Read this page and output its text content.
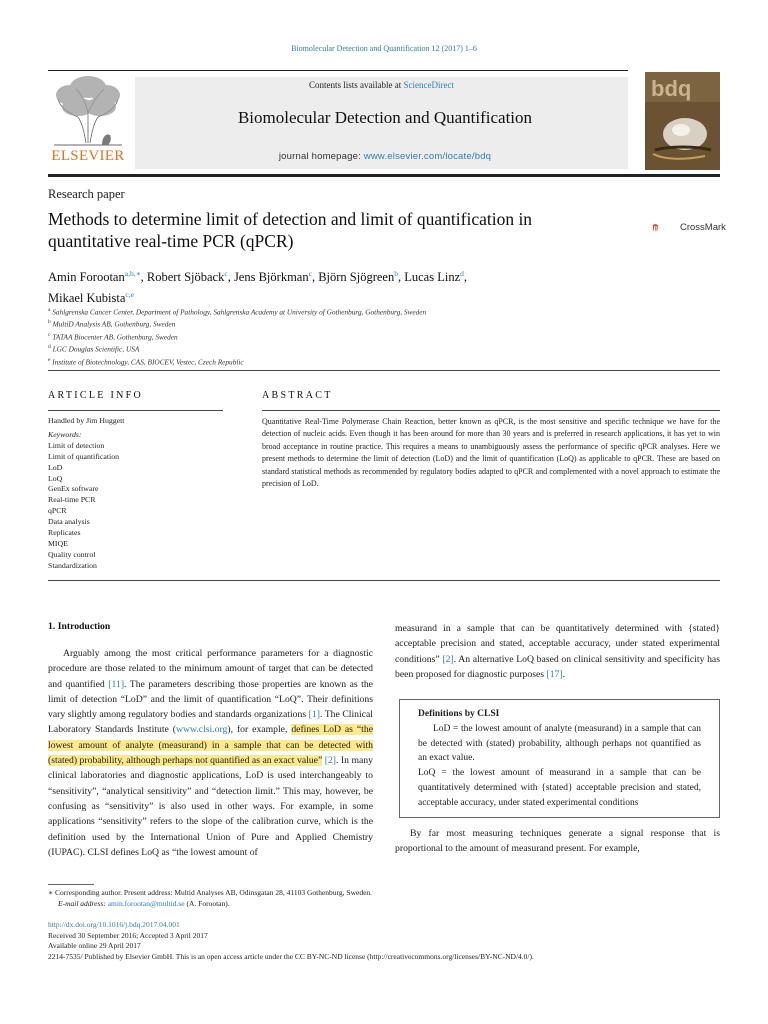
Biomolecular Detection and Quantification 12 (2017) 1–6
ELSEVIER
Contents lists available at ScienceDirect
Biomolecular Detection and Quantification
journal homepage: www.elsevier.com/locate/bdq
bdq
Research paper
Methods to determine limit of detection and limit of quantification in quantitative real-time PCR (qPCR)
CrossMark
Amin Forootan$^{a,b,∗}$, Robert Sjöback$^c$, Jens Björkman$^c$, Björn Sjögreen$^b$, Lucas Linz$^d$,
Mikael Kubista$^{c,e}$
$^a$ Sahlgrenska Cancer Center, Department of Pathology, Sahlgrenska Academy at University of Gothenburg, Gothenburg, Sweden
$^b$ MultiD Analysis AB, Gothenburg, Sweden
$^c$ TATAA Biocenter AB, Gothenburg, Sweden
$^d$ LGC Douglas Scientific, USA
$^e$ Institute of Biotechnology, CAS, BIOCEV, Vestec, Czech Republic
ARTICLE INFO	ABSTRACT
Handled by Jim Huggett
Keywords:
Limit of detection
Limit of quantification
LoD
LoQ
GenEx software
Real-time PCR
qPCR
Data analysis
Replicates
MIQE
Quality control
Standardization
Quantitative Real-Time Polymerase Chain Reaction, better known as qPCR, is the most sensitive and specific technique we have for the detection of nucleic acids. Even though it has been around for more than 30 years and is preferred in research applications, it has yet to win broad acceptance in routine practice. This requires a means to unambiguously assess the performance of specific qPCR analyses. Here we present methods to determine the limit of detection (LoD) and the limit of quantification (LoQ) as applicable to qPCR. These are based on standard statistical methods as recommended by regulatory bodies adapted to qPCR and complemented with a novel approach to estimate the precision of LoD.
1. Introduction

Arguably among the most critical performance parameters for a diagnostic procedure are those related to the minimum amount of target that can be detected and quantified [11]. The parameters describing those properties are known as the limit of detection “LoD” and the limit of quantification “LoQ”. Their definitions vary slightly among regulatory bodies and standards organizations [1]. The Clinical Laboratory Standards Institute (www.clsi.org), for example, defines LoD as “the lowest amount of analyte (measurand) in a sample that can be detected with (stated) probability, although perhaps not quantified as an exact value” [2]. In many clinical laboratories and diagnostic applications, LoD is used interchangeably to “sensitivity”, “analytical sensitivity” and “detection limit.” This may, however, be confusing as “sensitivity” is also used in other ways. For example, in some applications “sensitivity” refers to the slope of the calibration curve, which is the definition used by the International Union of Pure and Applied Chemistry (IUPAC). CLSI defines LoQ as “the lowest amount of

measurand in a sample that can be quantitatively determined with {stated} acceptable precision and stated, acceptable accuracy, under stated experimental conditions” [2]. An alternative LoQ based on clinical sensitivity and specificity has been proposed for diagnostic purposes [17].

Definitions by CLSI
LoD = the lowest amount of analyte (measurand) in a sample that can be detected with (stated) probability, although perhaps not quantified as an exact value.
LoQ = the lowest amount of measurand in a sample that can be quantitatively determined with {stated} acceptable precision and stated, acceptable accuracy, under stated experimental conditions

By far most measuring techniques generate a signal response that is proportional to the amount of measurand present. For example,

∗ Corresponding author. Present address: Multid Analyses AB, Odinsgatan 28, 41103 Gothenburg, Sweden.
E-mail address: amin.forootan@multid.se (A. Forootan).
http://dx.doi.org/10.1016/j.bdq.2017.04.001
Received 30 September 2016; Accepted 3 April 2017
Available online 29 April 2017
2214-7535/ Published by Elsevier GmbH. This is an open access article under the CC BY-NC-ND license (http://creativecommons.org/licenses/BY-NC-ND/4.0/).
